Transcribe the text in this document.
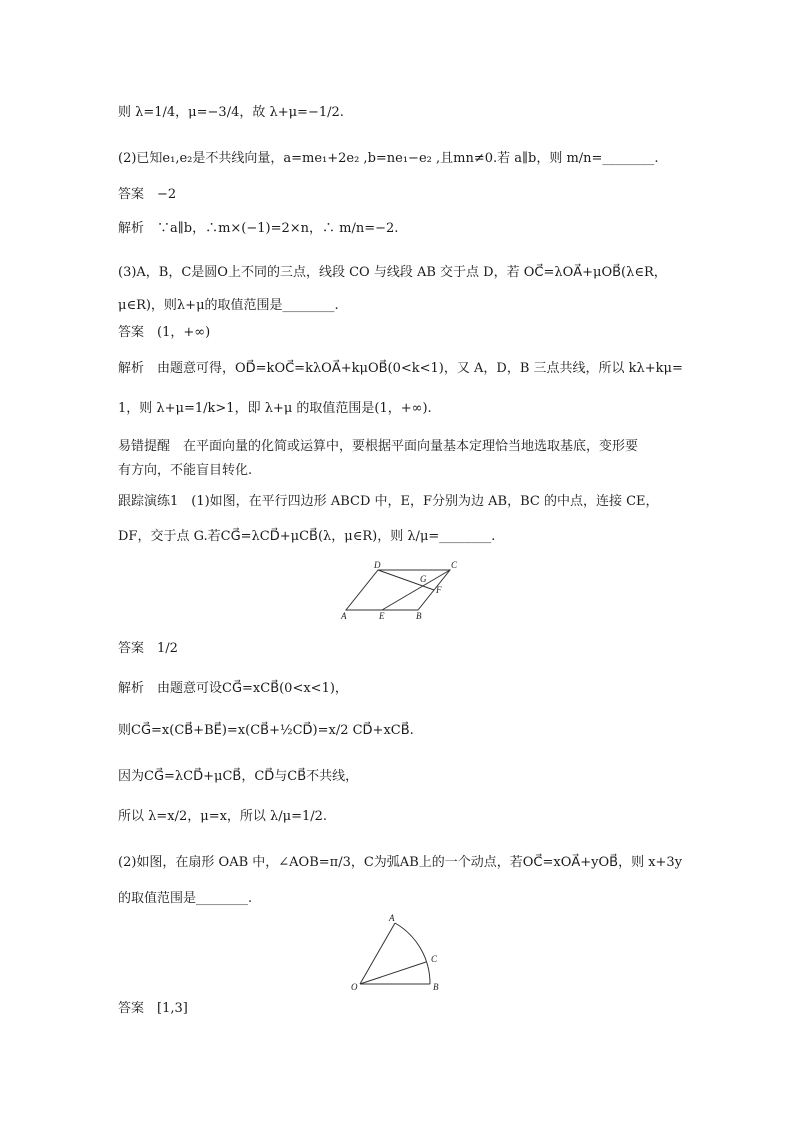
则 λ=1/4，μ=−3/4，故 λ+μ=−1/2.
(2)已知e₁,e₂是不共线向量，a=me₁+2e₂ ,b=ne₁−e₂ ,且mn≠0.若 a∥b，则 m/n=________.
答案　−2
解析　∵a∥b，∴m×(−1)=2×n，∴ m/n=−2.
(3)A，B，C是圆O上不同的三点，线段 CO 与线段 AB 交于点 D，若 OC⃗=λOA⃗+μOB⃗(λ∈R，
μ∈R)，则λ+μ的取值范围是________.
答案　(1，+∞)
解析　由题意可得，OD⃗=kOC⃗=kλOA⃗+kμOB⃗(0<k<1)，又 A，D，B 三点共线，所以 kλ+kμ=
1，则 λ+μ=1/k>1，即 λ+μ 的取值范围是(1，+∞).
易错提醒　在平面向量的化简或运算中，要根据平面向量基本定理恰当地选取基底，变形要
有方向，不能盲目转化.
跟踪演练1　(1)如图，在平行四边形 ABCD 中，E，F分别为边 AB，BC 的中点，连接 CE，
DF，交于点 G.若CG⃗=λCD⃗+μCB⃗(λ，μ∈R)，则 λ/μ=________.
D	C
G
F
A	E	B
答案　1/2
解析　由题意可设CG⃗=xCB⃗(0<x<1)，
则CG⃗=x(CB⃗+BE⃗)=x(CB⃗+½CD⃗)=x/2 CD⃗+xCB⃗.
因为CG⃗=λCD⃗+μCB⃗，CD⃗与CB⃗不共线，
所以 λ=x/2，μ=x，所以 λ/μ=1/2.
(2)如图，在扇形 OAB 中，∠AOB=π/3，C为弧AB上的一个动点，若OC⃗=xOA⃗+yOB⃗，则 x+3y
的取值范围是________.
A
C
O	B
答案　[1,3]
